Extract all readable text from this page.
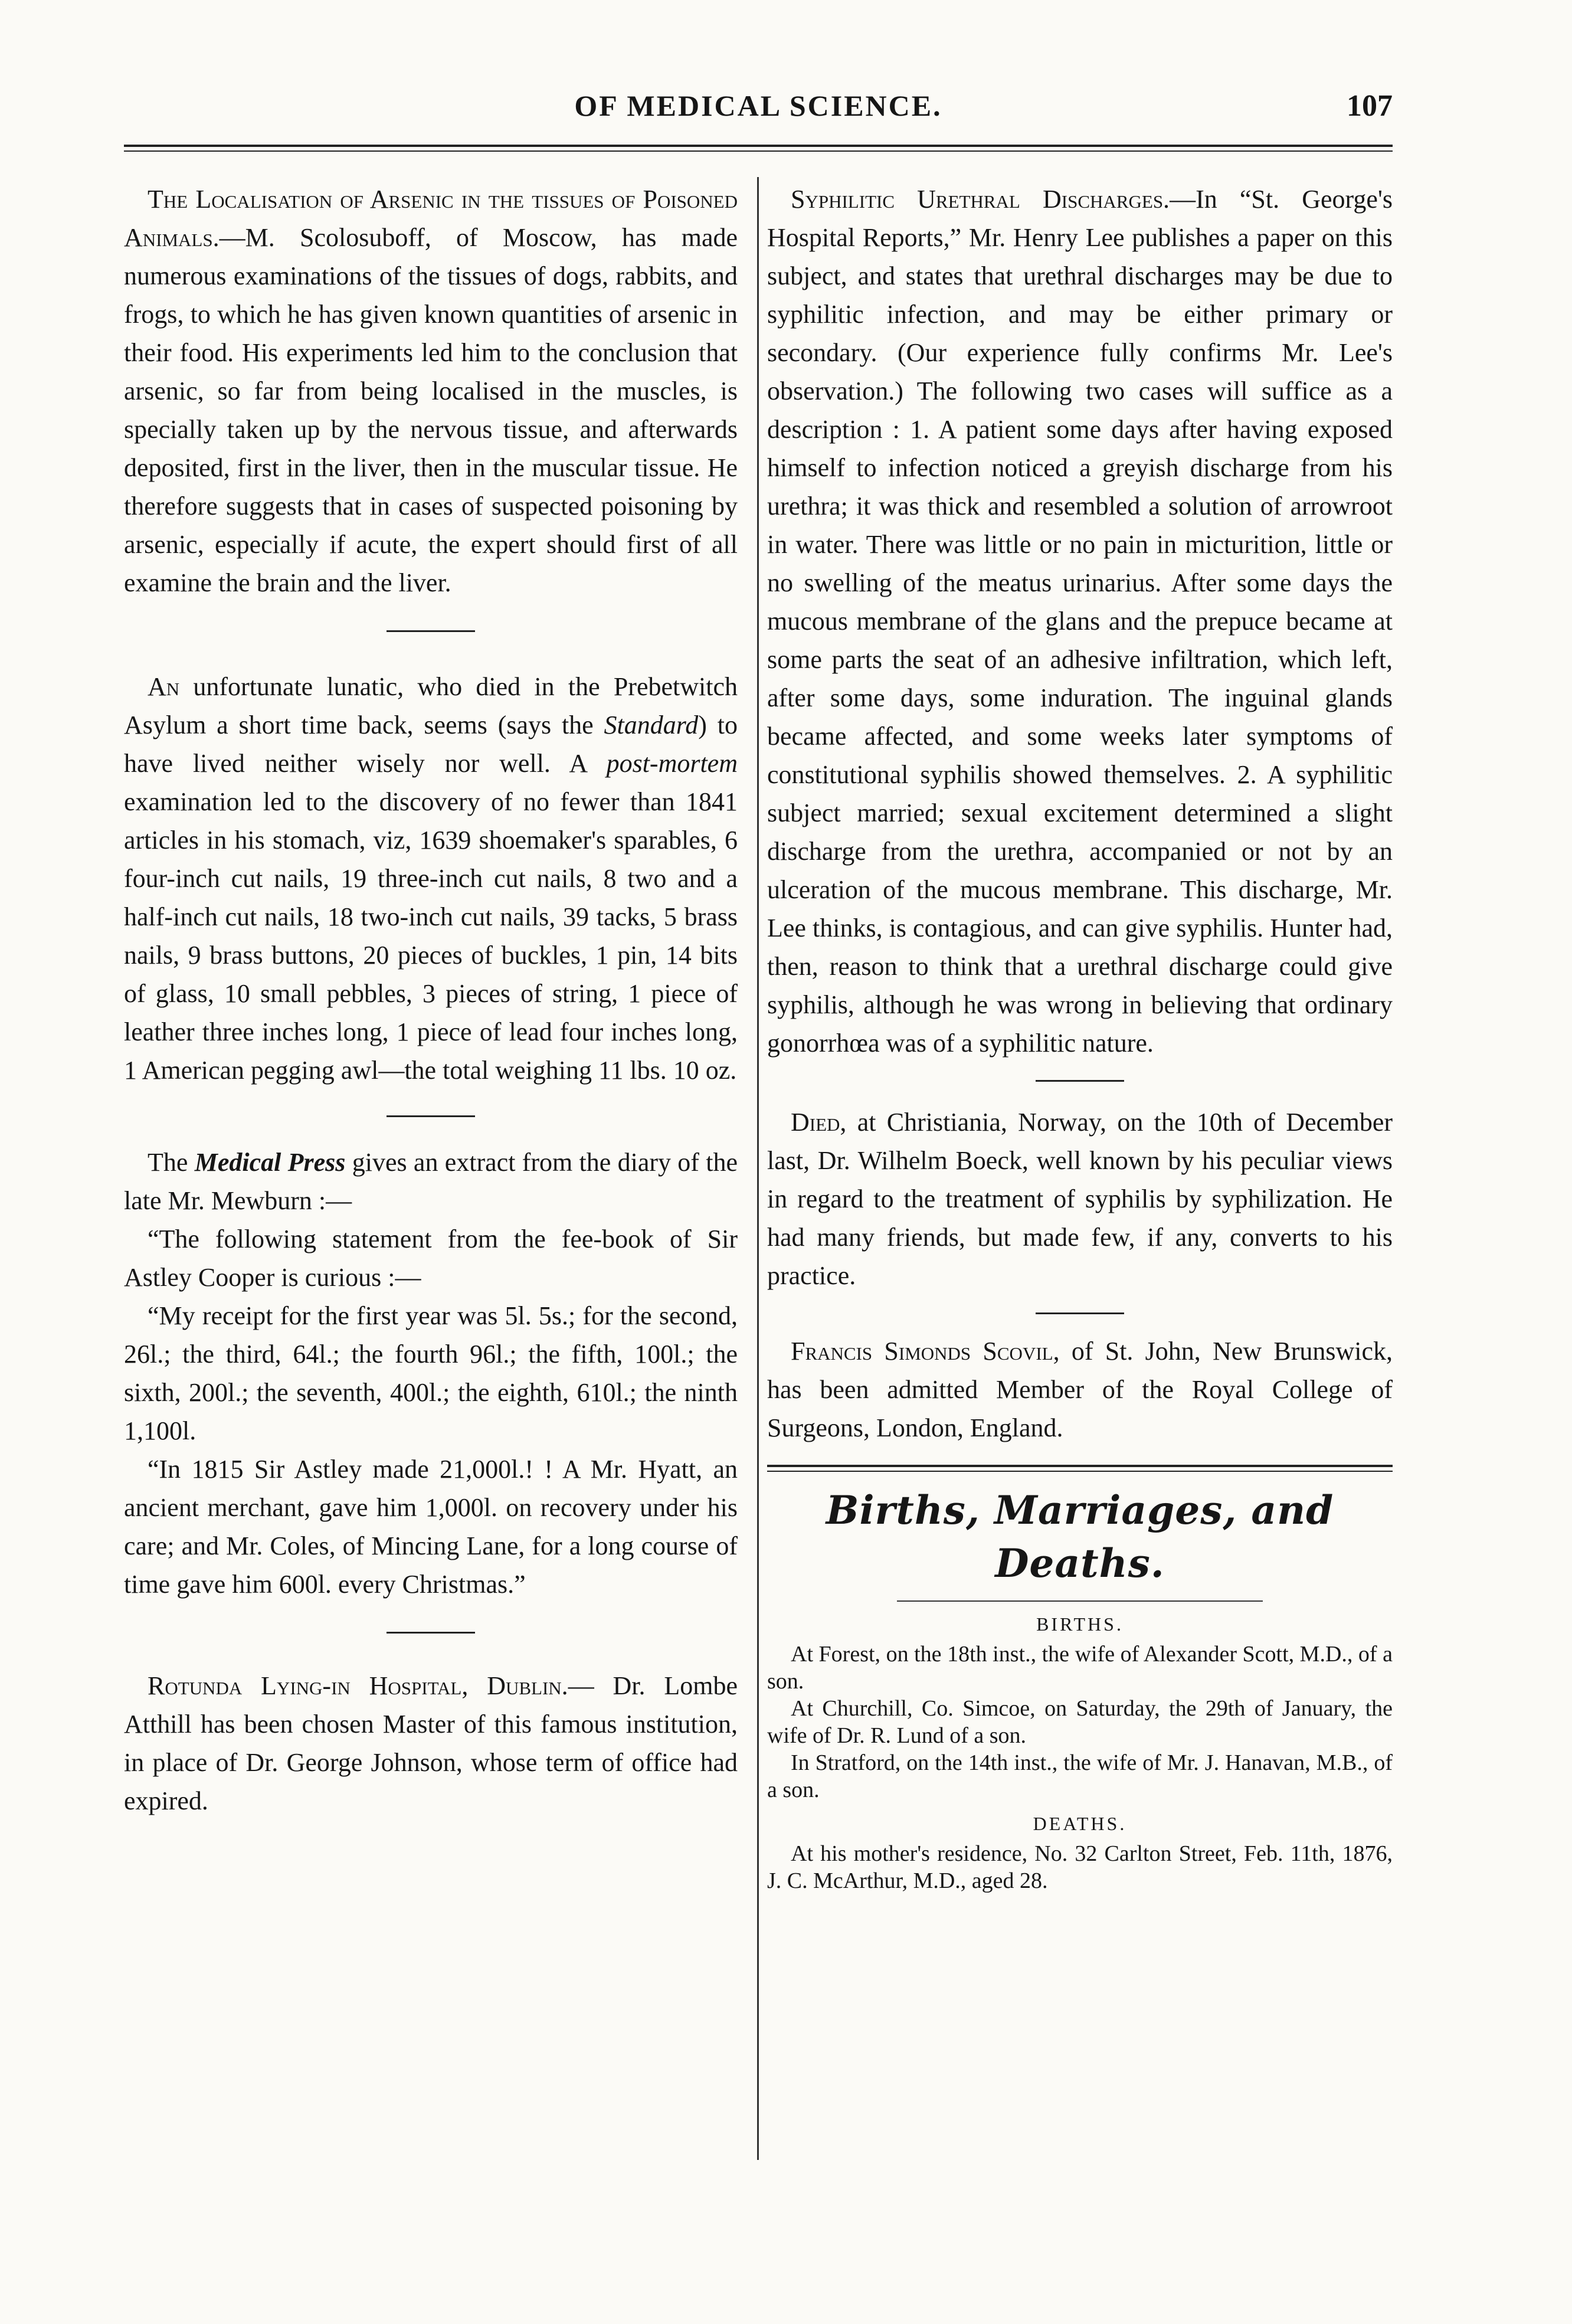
OF MEDICAL SCIENCE.	107

The Localisation of Arsenic in the tissues of Poisoned Animals.—M. Scolosuboff, of Moscow, has made numerous examinations of the tissues of dogs, rabbits, and frogs, to which he has given known quantities of arsenic in their food. His experiments led him to the conclusion that arsenic, so far from being localised in the muscles, is specially taken up by the nervous tissue, and afterwards deposited, first in the liver, then in the muscular tissue. He therefore suggests that in cases of suspected poisoning by arsenic, especially if acute, the expert should first of all examine the brain and the liver.

An unfortunate lunatic, who died in the Prebetwitch Asylum a short time back, seems (says the Standard) to have lived neither wisely nor well. A post-mortem examination led to the discovery of no fewer than 1841 articles in his stomach, viz, 1639 shoemaker's sparables, 6 four-inch cut nails, 19 three-inch cut nails, 8 two and a half-inch cut nails, 18 two-inch cut nails, 39 tacks, 5 brass nails, 9 brass buttons, 20 pieces of buckles, 1 pin, 14 bits of glass, 10 small pebbles, 3 pieces of string, 1 piece of leather three inches long, 1 piece of lead four inches long, 1 American pegging awl—the total weighing 11 lbs. 10 oz.

The Medical Press gives an extract from the diary of the late Mr. Mewburn :—

“The following statement from the fee-book of Sir Astley Cooper is curious :—

“My receipt for the first year was 5l. 5s.; for the second, 26l.; the third, 64l.; the fourth 96l.; the fifth, 100l.; the sixth, 200l.; the seventh, 400l.; the eighth, 610l.; the ninth 1,100l.

“In 1815 Sir Astley made 21,000l.! ! A Mr. Hyatt, an ancient merchant, gave him 1,000l. on recovery under his care; and Mr. Coles, of Mincing Lane, for a long course of time gave him 600l. every Christmas.”

Rotunda Lying-in Hospital, Dublin.— Dr. Lombe Atthill has been chosen Master of this famous institution, in place of Dr. George Johnson, whose term of office had expired.

Syphilitic Urethral Discharges.—In “St. George's Hospital Reports,” Mr. Henry Lee publishes a paper on this subject, and states that urethral discharges may be due to syphilitic infection, and may be either primary or secondary. (Our experience fully confirms Mr. Lee's observation.) The following two cases will suffice as a description : 1. A patient some days after having exposed himself to infection noticed a greyish discharge from his urethra; it was thick and resembled a solution of arrowroot in water. There was little or no pain in micturition, little or no swelling of the meatus urinarius. After some days the mucous membrane of the glans and the prepuce became at some parts the seat of an adhesive infiltration, which left, after some days, some induration. The inguinal glands became affected, and some weeks later symptoms of constitutional syphilis showed themselves. 2. A syphilitic subject married; sexual excitement determined a slight discharge from the urethra, accompanied or not by an ulceration of the mucous membrane. This discharge, Mr. Lee thinks, is contagious, and can give syphilis. Hunter had, then, reason to think that a urethral discharge could give syphilis, although he was wrong in believing that ordinary gonorrhœa was of a syphilitic nature.

Died, at Christiania, Norway, on the 10th of December last, Dr. Wilhelm Boeck, well known by his peculiar views in regard to the treatment of syphilis by syphilization. He had many friends, but made few, if any, converts to his practice.

Francis Simonds Scovil, of St. John, New Brunswick, has been admitted Member of the Royal College of Surgeons, London, England.

Births, Marriages, and Deaths.
BIRTHS.

At Forest, on the 18th inst., the wife of Alexander Scott, M.D., of a son.

At Churchill, Co. Simcoe, on Saturday, the 29th of January, the wife of Dr. R. Lund of a son.

In Stratford, on the 14th inst., the wife of Mr. J. Hanavan, M.B., of a son.

DEATHS.

At his mother's residence, No. 32 Carlton Street, Feb. 11th, 1876, J. C. McArthur, M.D., aged 28.
